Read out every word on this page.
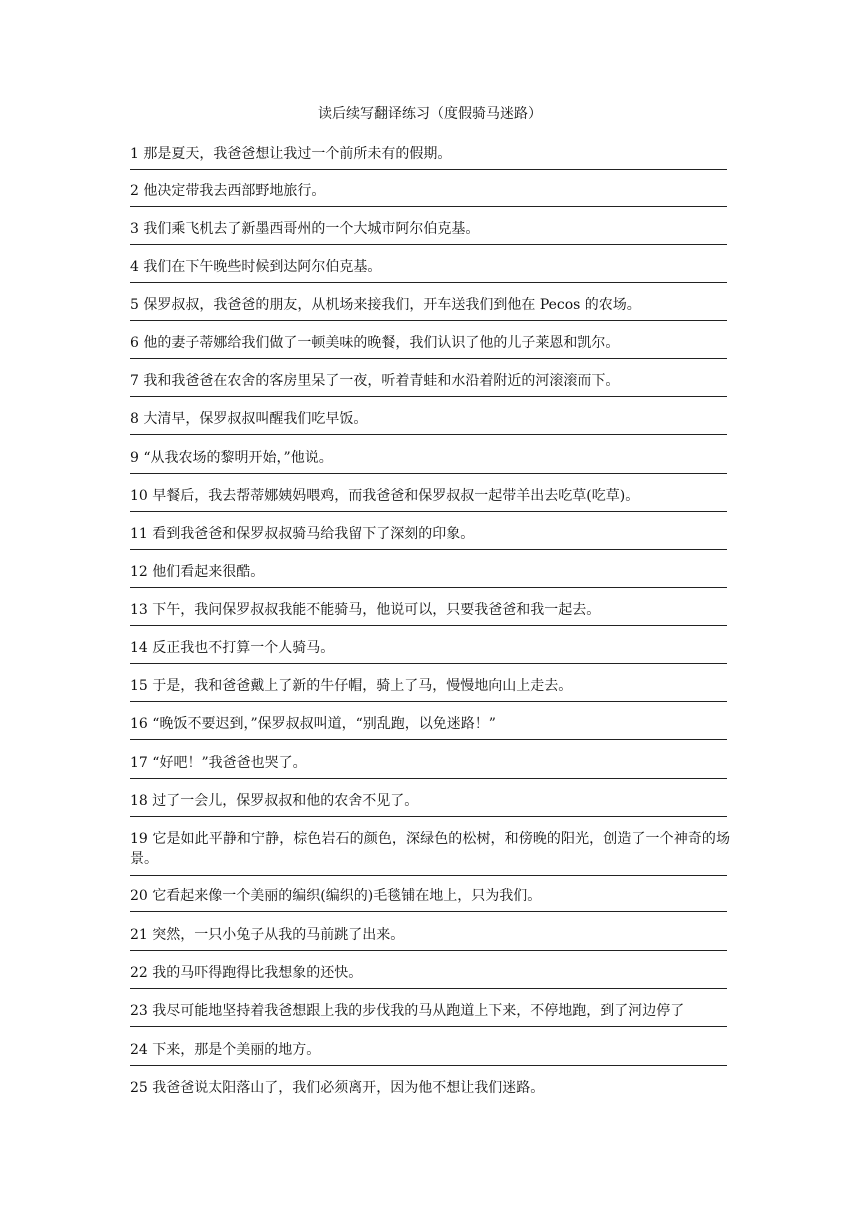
读后续写翻译练习（度假骑马迷路）
1 那是夏天，我爸爸想让我过一个前所未有的假期。
2 他决定带我去西部野地旅行。
3 我们乘飞机去了新墨西哥州的一个大城市阿尔伯克基。
4 我们在下午晚些时候到达阿尔伯克基。
5 保罗叔叔，我爸爸的朋友，从机场来接我们，开车送我们到他在 Pecos 的农场。
6 他的妻子蒂娜给我们做了一顿美味的晚餐，我们认识了他的儿子莱恩和凯尔。
7 我和我爸爸在农舍的客房里呆了一夜，听着青蛙和水沿着附近的河滚滚而下。
8 大清早，保罗叔叔叫醒我们吃早饭。
9 “从我农场的黎明开始，”他说。
10 早餐后，我去帮蒂娜姨妈喂鸡，而我爸爸和保罗叔叔一起带羊出去吃草(吃草)。
11 看到我爸爸和保罗叔叔骑马给我留下了深刻的印象。
12 他们看起来很酷。
13 下午，我问保罗叔叔我能不能骑马，他说可以，只要我爸爸和我一起去。
14 反正我也不打算一个人骑马。
15 于是，我和爸爸戴上了新的牛仔帽，骑上了马，慢慢地向山上走去。
16 “晚饭不要迟到，”保罗叔叔叫道，“别乱跑，以免迷路！”
17 “好吧！”我爸爸也哭了。
18 过了一会儿，保罗叔叔和他的农舍不见了。
19 它是如此平静和宁静，棕色岩石的颜色，深绿色的松树，和傍晚的阳光，创造了一个神奇的场景。
20 它看起来像一个美丽的编织(编织的)毛毯铺在地上，只为我们。
21 突然，一只小兔子从我的马前跳了出来。
22 我的马吓得跑得比我想象的还快。
23 我尽可能地坚持着我爸想跟上我的步伐我的马从跑道上下来，不停地跑，到了河边停了
24 下来，那是个美丽的地方。
25 我爸爸说太阳落山了，我们必须离开，因为他不想让我们迷路。
